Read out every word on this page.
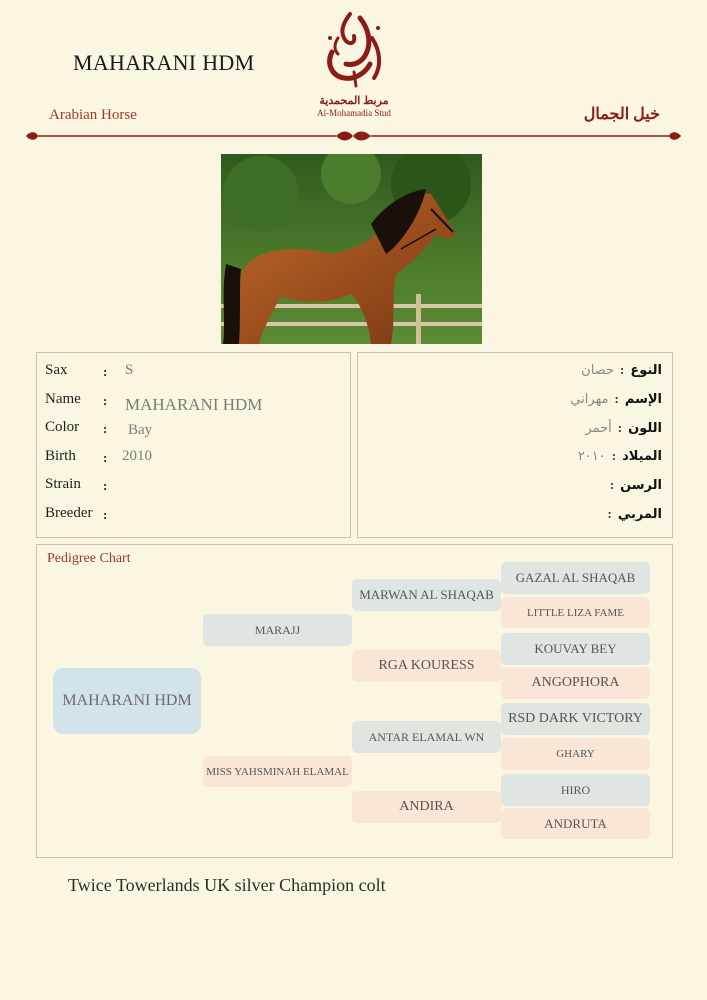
MAHARANI HDM
Arabian Horse	خيل الجمال
مربط المحمدية
Al-Mohamadia Stud
Sax	: S
Name : MAHARANI HDM
Color : Bay
Birth : 2010
Strain :
Breeder :
النوع:حصان
الإسم:مهراني
اللون:أحمر
الميلاد:٢٠١٠
الرسن:
المربي:
Pedigree Chart
MAHARANI HDM
MARAJJ
MISS YAHSMINAH ELAMAL
MARWAN AL SHAQAB
RGA KOURESS
ANTAR ELAMAL WN
ANDIRA
GAZAL AL SHAQAB
LITTLE LIZA FAME
KOUVAY BEY
ANGOPHORA
RSD DARK VICTORY
GHARY
HIRO
ANDRUTA
Twice Towerlands UK silver Champion colt
